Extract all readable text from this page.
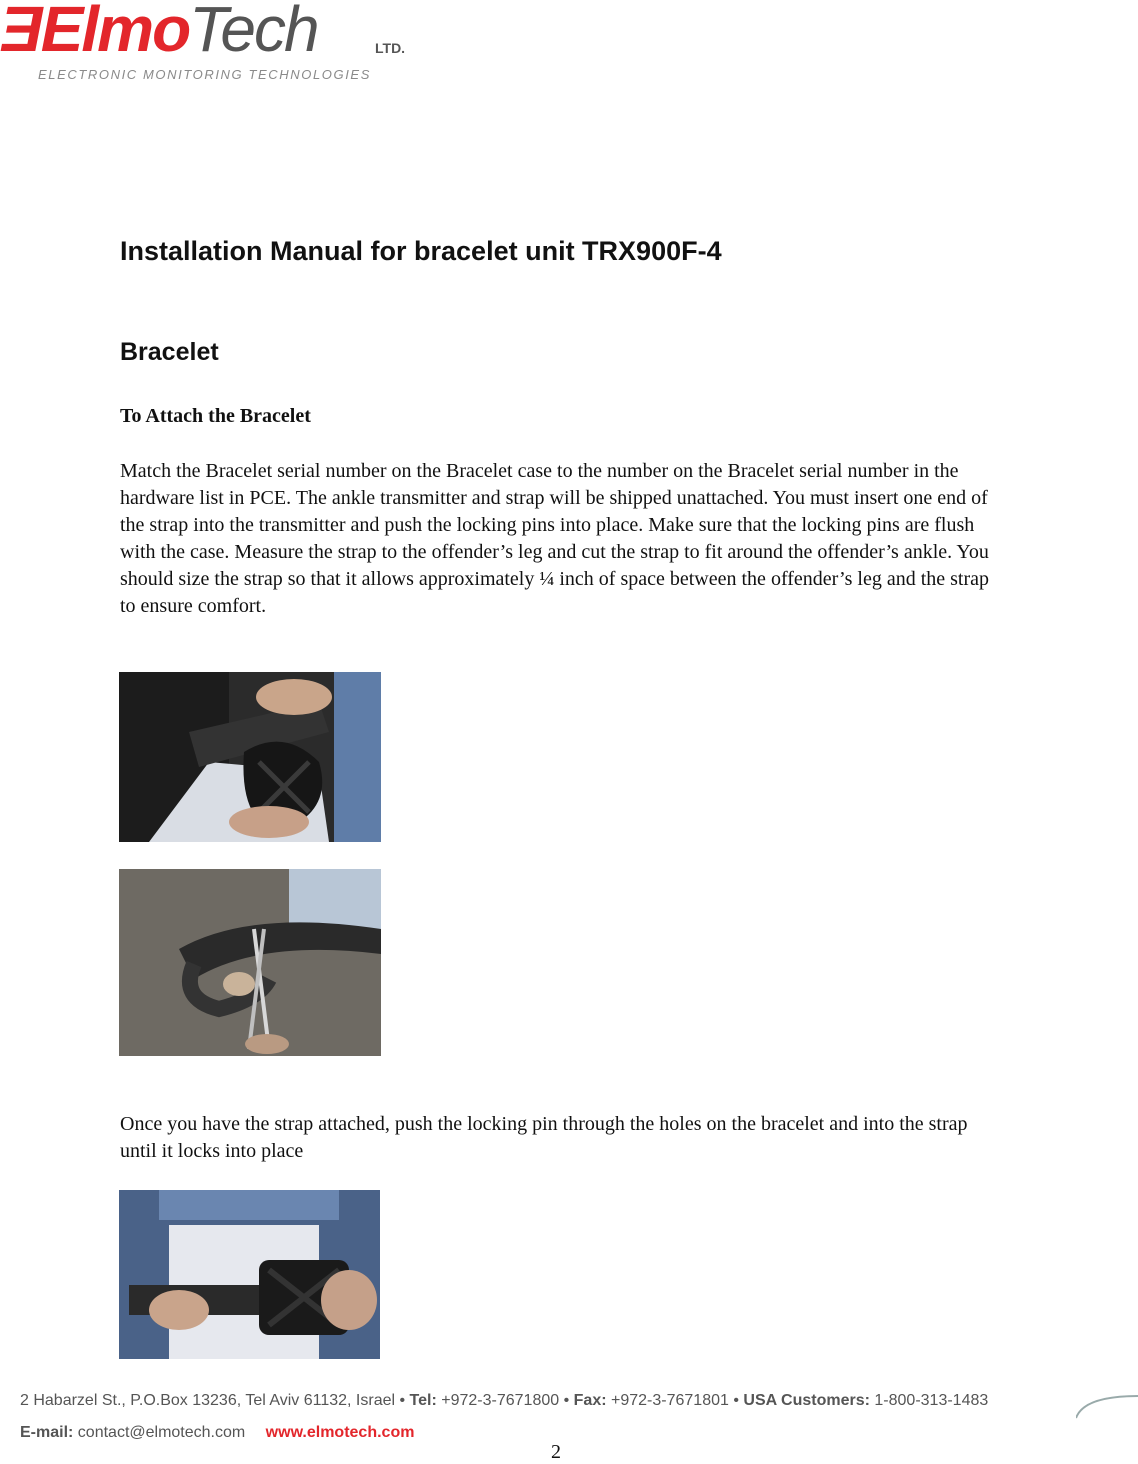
ƎElmoTech	LTD.
ELECTRONIC MONITORING TECHNOLOGIES
Installation Manual for bracelet unit TRX900F-4
Bracelet
To Attach the Bracelet

Match the Bracelet serial number on the Bracelet case to the number on the Bracelet serial number in the hardware list in PCE. The ankle transmitter and strap will be shipped unattached. You must insert one end of the strap into the transmitter and push the locking pins into place. Make sure that the locking pins are flush with the case. Measure the strap to the offender’s leg and cut the strap to fit around the offender’s ankle. You should size the strap so that it allows approximately ¼ inch of space between the offender’s leg and the strap to ensure comfort.

Once you have the strap attached, push the locking pin through the holes on the bracelet and into the strap until it locks into place

2 Habarzel St., P.O.Box 13236, Tel Aviv 61132, Israel • Tel: +972-3-7671800 • Fax: +972-3-7671801 • USA Customers: 1-800-313-1483
E-mail: contact@elmotech.com www.elmotech.com
2
